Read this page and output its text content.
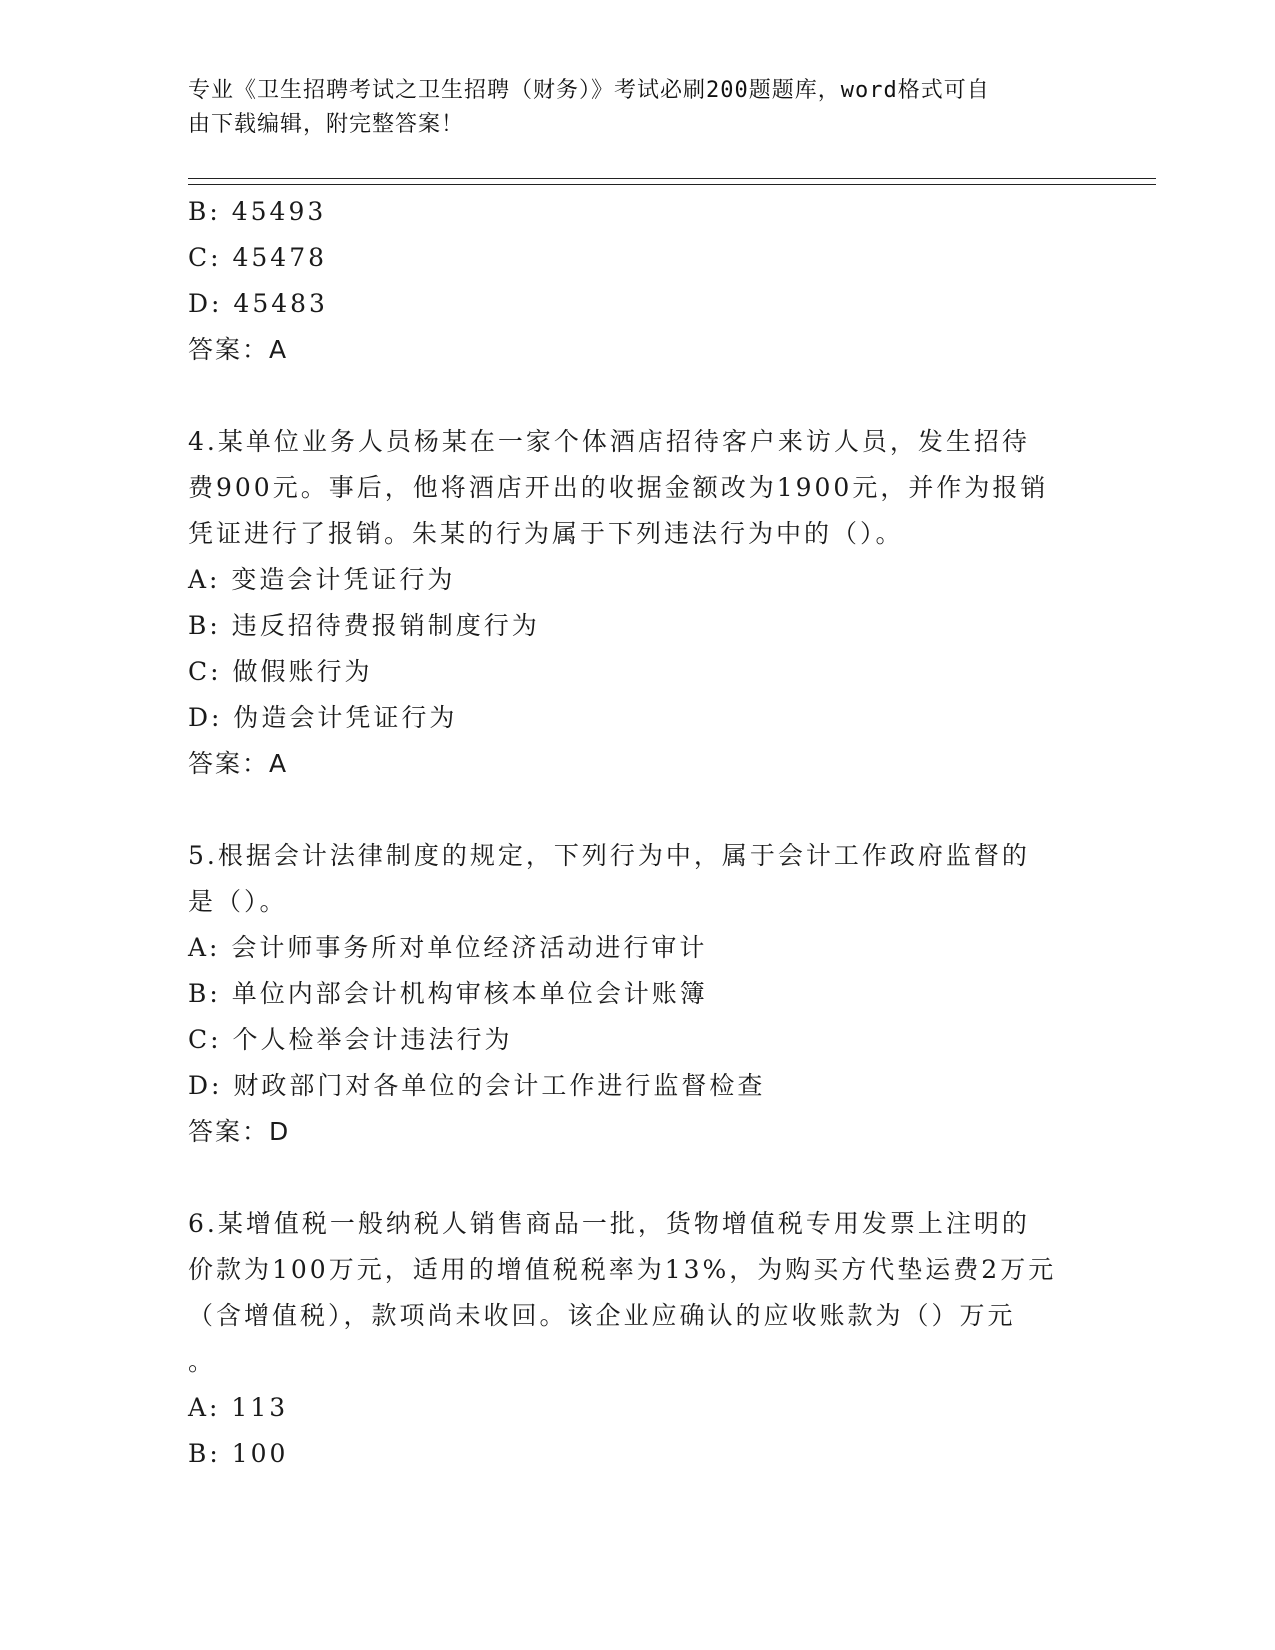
专业《卫生招聘考试之卫生招聘（财务）》考试必刷200题题库，word格式可自
由下载编辑，附完整答案！
B: 45493
C: 45478
D: 45483
答案：A
4.某单位业务人员杨某在一家个体酒店招待客户来访人员，发生招待
费900元。事后，他将酒店开出的收据金额改为1900元，并作为报销
凭证进行了报销。朱某的行为属于下列违法行为中的（）。
A: 变造会计凭证行为
B: 违反招待费报销制度行为
C: 做假账行为
D: 伪造会计凭证行为
答案：A
5.根据会计法律制度的规定，下列行为中，属于会计工作政府监督的
是（）。
A: 会计师事务所对单位经济活动进行审计
B: 单位内部会计机构审核本单位会计账簿
C: 个人检举会计违法行为
D: 财政部门对各单位的会计工作进行监督检查
答案：D
6.某增值税一般纳税人销售商品一批，货物增值税专用发票上注明的
价款为100万元，适用的增值税税率为13%，为购买方代垫运费2万元
（含增值税），款项尚未收回。该企业应确认的应收账款为（）万元
。
A: 113
B: 100
